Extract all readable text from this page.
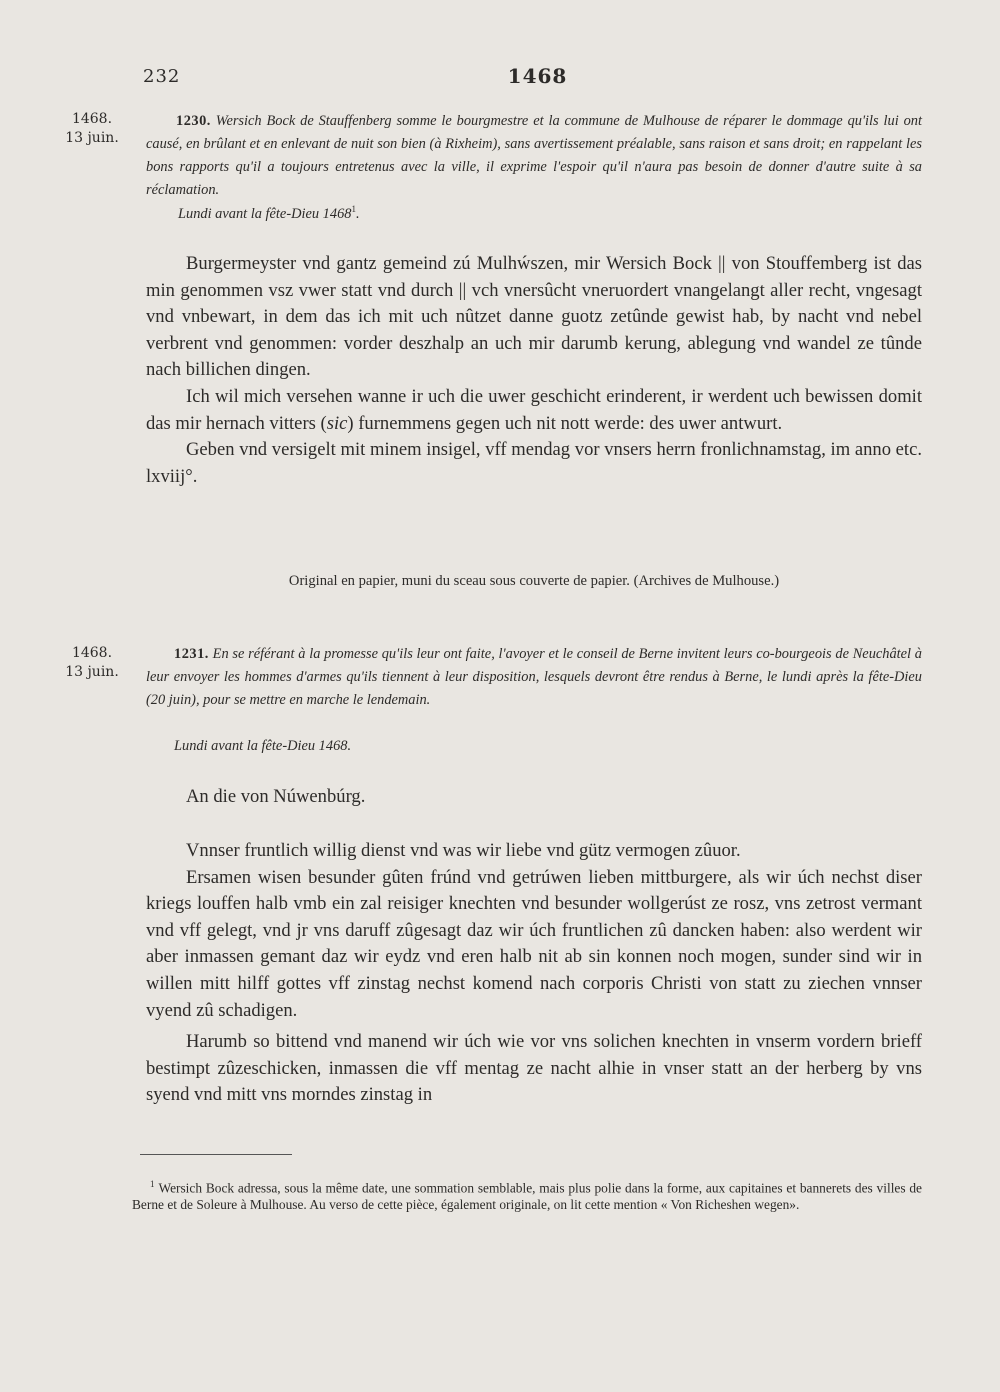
232	1468
1468.
13 juin.
1230. Wersich Bock de Stauffenberg somme le bourgmestre et la commune de Mulhouse de réparer le dommage qu'ils lui ont causé, en brûlant et en enlevant de nuit son bien (à Rixheim), sans avertissement préalable, sans raison et sans droit; en rappelant les bons rapports qu'il a toujours entretenus avec la ville, il exprime l'espoir qu'il n'aura pas besoin de donner d'autre suite à sa réclamation.
Lundi avant la fête-Dieu 1468$^1$.

Burgermeyster vnd gantz gemeind zú Mulhẃszen, mir Wersich Bock || von Stouffemberg ist das min genommen vsz vwer statt vnd durch || vch vnersûcht vneruordert vnangelangt aller recht, vngesagt vnd vnbewart, in dem das ich mit uch nûtzet danne guotz zetûnde gewist hab, by nacht vnd nebel verbrent vnd genommen: vorder deszhalp an uch mir darumb kerung, ablegung vnd wandel ze tûnde nach billichen dingen.

Ich wil mich versehen wanne ir uch die uwer geschicht erinderent, ir werdent uch bewissen domit das mir hernach vitters (sic) furnemmens gegen uch nit nott werde: des uwer antwurt.

Geben vnd versigelt mit minem insigel, vff mendag vor vnsers herrn fronlichnamstag, im anno etc. lxviij°.

Original en papier, muni du sceau sous couverte de papier. (Archives de Mulhouse.)
1468.
13 juin.
1231. En se référant à la promesse qu'ils leur ont faite, l'avoyer et le conseil de Berne invitent leurs co-bourgeois de Neuchâtel à leur envoyer les hommes d'armes qu'ils tiennent à leur disposition, lesquels devront être rendus à Berne, le lundi après la fête-Dieu (20 juin), pour se mettre en marche le lendemain.
Lundi avant la fête-Dieu 1468.
An die von Núwenbúrg.

Vnnser fruntlich willig dienst vnd was wir liebe vnd gütz vermogen zûuor.

Ersamen wisen besunder gûten frúnd vnd getrúwen lieben mittburgere, als wir úch nechst diser kriegs louffen halb vmb ein zal reisiger knechten vnd besunder wollgerúst ze rosz, vns zetrost vermant vnd vff gelegt, vnd jr vns daruff zûgesagt daz wir úch fruntlichen zû dancken haben: also werdent wir aber inmassen gemant daz wir eydz vnd eren halb nit ab sin konnen noch mogen, sunder sind wir in willen mitt hilff gottes vff zinstag nechst komend nach corporis Christi von statt zu ziechen vnnser vyend zû schadigen.

Harumb so bittend vnd manend wir úch wie vor vns solichen knechten in vnserm vordern brieff bestimpt zûzeschicken, inmassen die vff mentag ze nacht alhie in vnser statt an der herberg by vns syend vnd mitt vns morndes zinstag in

$^1$ Wersich Bock adressa, sous la même date, une sommation semblable, mais plus polie dans la forme, aux capitaines et bannerets des villes de Berne et de Soleure à Mulhouse. Au verso de cette pièce, également originale, on lit cette mention « Von Richeshen wegen».
